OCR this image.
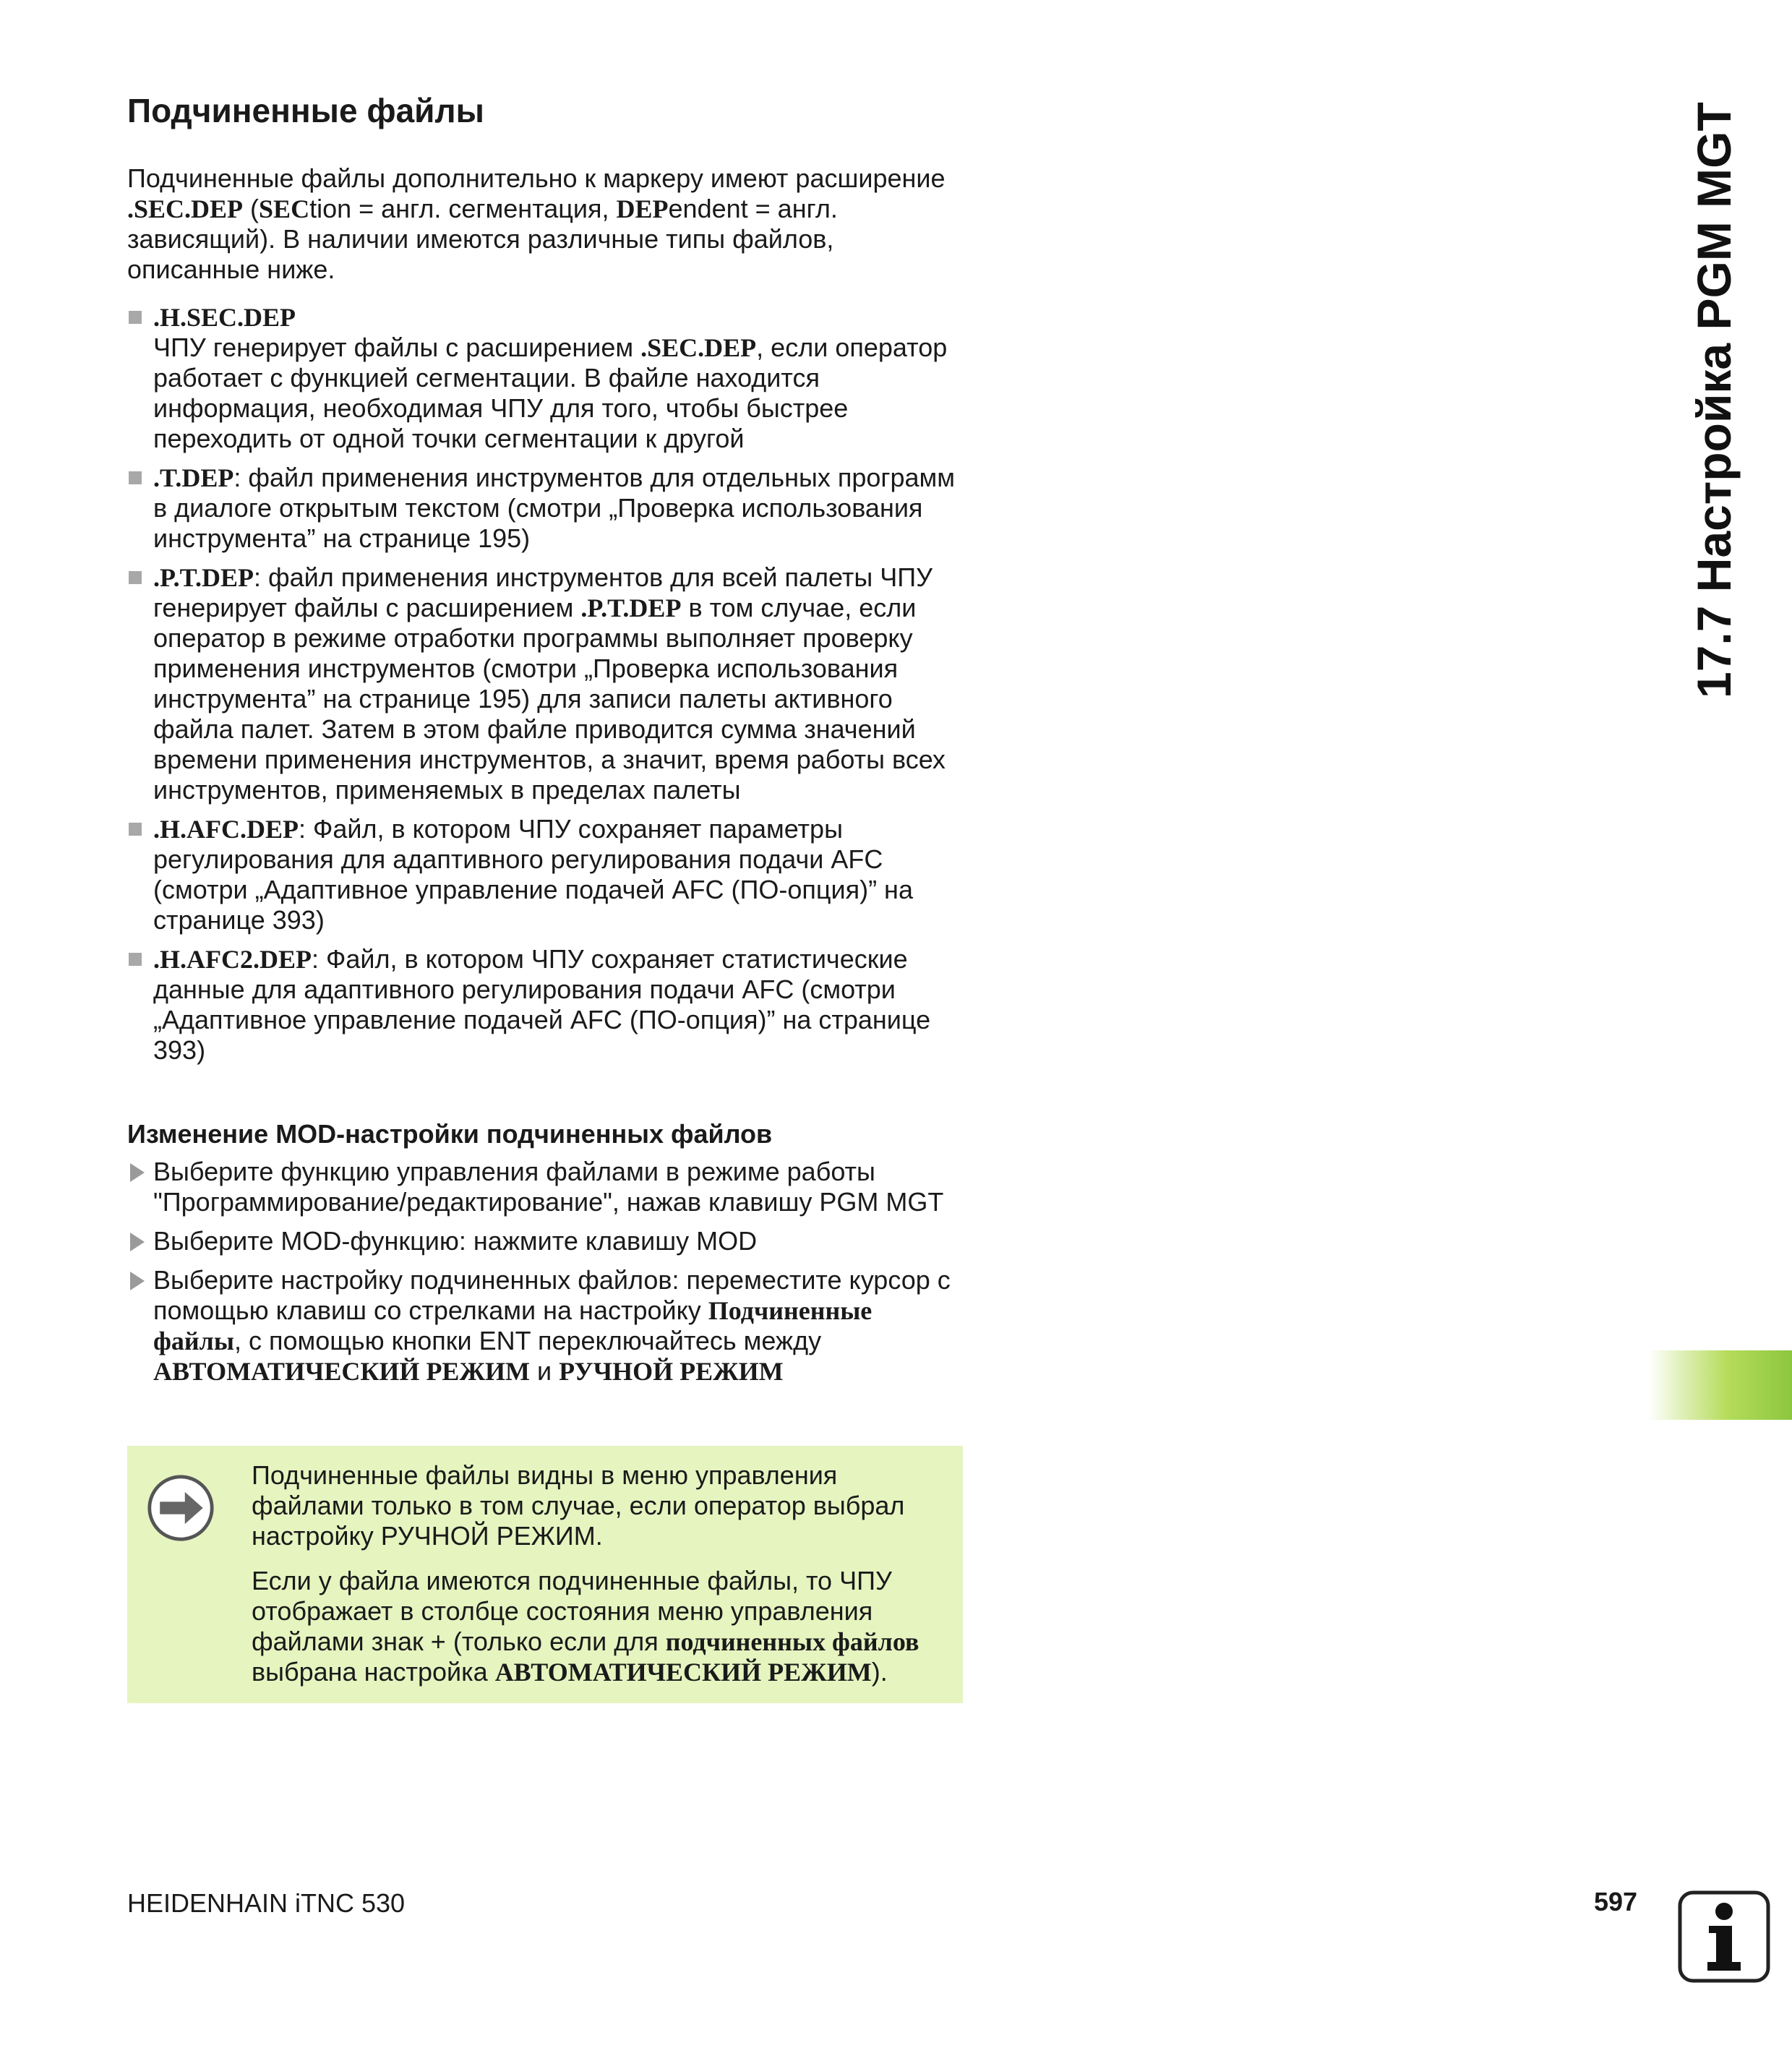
Подчиненные файлы

Подчиненные файлы дополнительно к маркеру имеют расширение .SEC.DEP (SECtion = англ. сегментация, DEPendent = англ. зависящий). В наличии имеются различные типы файлов, описанные ниже.

.H.SEC.DEP
ЧПУ генерирует файлы с расширением .SEC.DEP, если оператор работает с функцией сегментации. В файле находится информация, необходимая ЧПУ для того, чтобы быстрее переходить от одной точки сегментации к другой
.T.DEP: файл применения инструментов для отдельных программ в диалоге открытым текстом (смотри „Проверка использования инструмента” на странице 195)
.P.T.DEP: файл применения инструментов для всей палеты ЧПУ генерирует файлы с расширением .P.T.DEP в том случае, если оператор в режиме отработки программы выполняет проверку применения инструментов (смотри „Проверка использования инструмента” на странице 195) для записи палеты активного файла палет. Затем в этом файле приводится сумма значений времени применения инструментов, а значит, время работы всех инструментов, применяемых в пределах палеты
.H.AFC.DEP: Файл, в котором ЧПУ сохраняет параметры регулирования для адаптивного регулирования подачи AFC (смотри „Адаптивное управление подачей AFC (ПО-опция)” на странице 393)
.H.AFC2.DEP: Файл, в котором ЧПУ сохраняет статистические данные для адаптивного регулирования подачи AFC (смотри „Адаптивное управление подачей AFC (ПО-опция)” на странице 393)
Изменение MOD-настройки подчиненных файлов
Выберите функцию управления файлами в режиме работы "Программирование/редактирование", нажав клавишу PGM MGT
Выберите MOD-функцию: нажмите клавишу MOD
Выберите настройку подчиненных файлов: переместите курсор с помощью клавиш со стрелками на настройку Подчиненные файлы, с помощью кнопки ENT переключайтесь между АВТОМАТИЧЕСКИЙ РЕЖИМ и РУЧНОЙ РЕЖИМ

Подчиненные файлы видны в меню управления файлами только в том случае, если оператор выбрал настройку РУЧНОЙ РЕЖИМ.

Если у файла имеются подчиненные файлы, то ЧПУ отображает в столбце состояния меню управления файлами знак + (только если для подчиненных файлов выбрана настройка АВТОМАТИЧЕСКИЙ РЕЖИМ).

17.7 Настройка PGM MGT

HEIDENHAIN iTNC 530	597
